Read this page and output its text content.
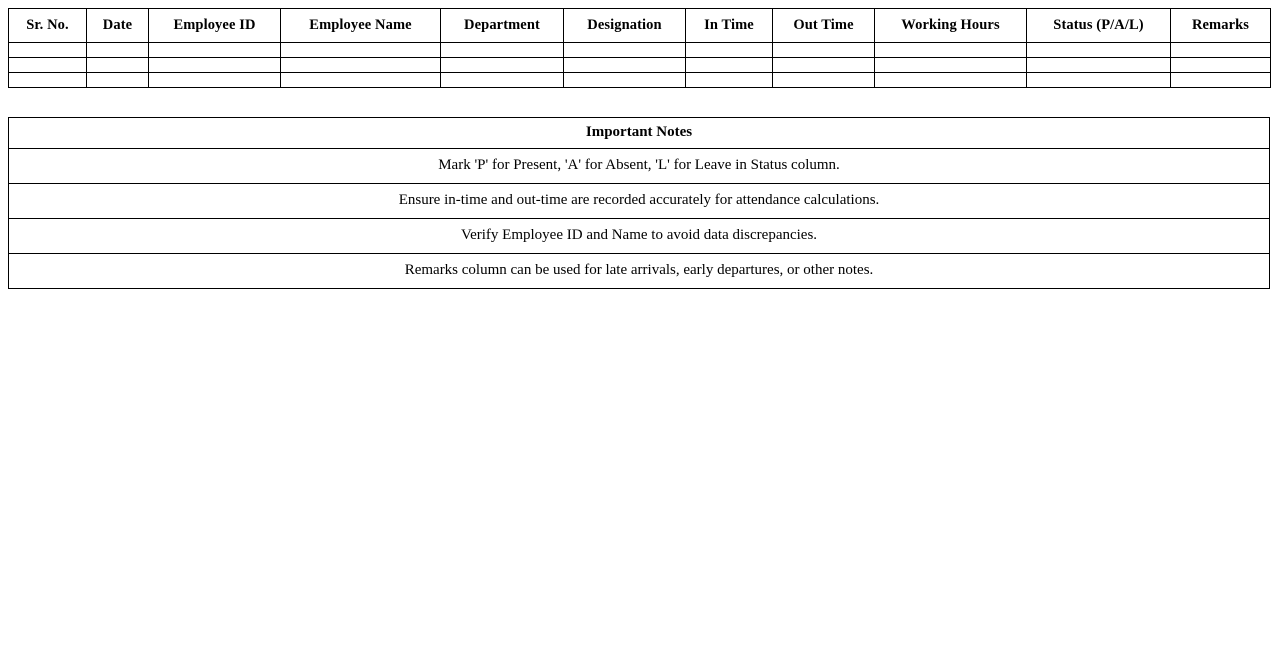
Sr. No.	Date	Employee ID	Employee Name	Department	Designation	In Time	Out Time	Working Hours	Status (P/A/L)	Remarks

Important Notes
Mark 'P' for Present, 'A' for Absent, 'L' for Leave in Status column.
Ensure in-time and out-time are recorded accurately for attendance calculations.
Verify Employee ID and Name to avoid data discrepancies.
Remarks column can be used for late arrivals, early departures, or other notes.
